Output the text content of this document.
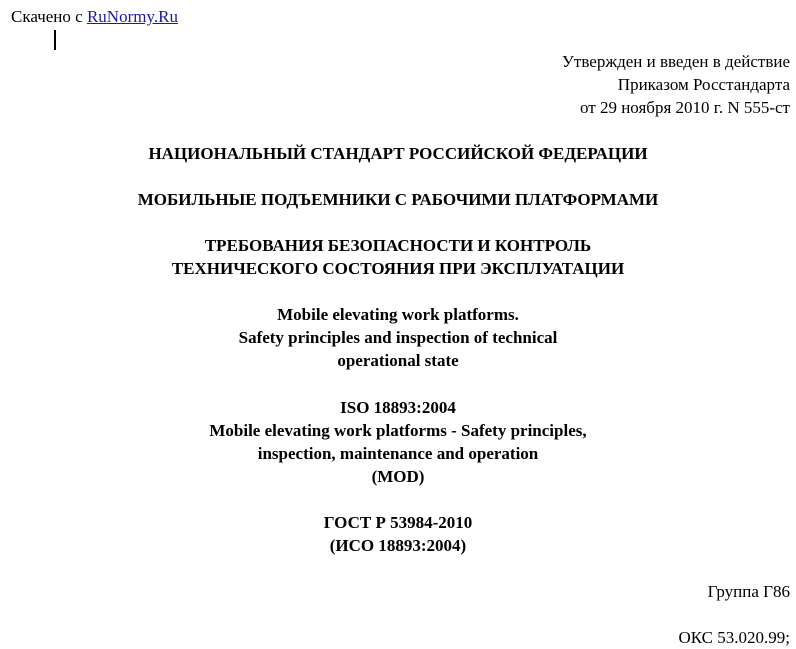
Скачено с RuNormy.Ru
Утвержден и введен в действие
Приказом Росстандарта
от 29 ноября 2010 г. N 555-ст
НАЦИОНАЛЬНЫЙ СТАНДАРТ РОССИЙСКОЙ ФЕДЕРАЦИИ
МОБИЛЬНЫЕ ПОДЪЕМНИКИ С РАБОЧИМИ ПЛАТФОРМАМИ
ТРЕБОВАНИЯ БЕЗОПАСНОСТИ И КОНТРОЛЬ
ТЕХНИЧЕСКОГО СОСТОЯНИЯ ПРИ ЭКСПЛУАТАЦИИ
Mobile elevating work platforms.
Safety principles and inspection of technical
operational state
ISO 18893:2004
Mobile elevating work platforms - Safety principles,
inspection, maintenance and operation
(MOD)
ГОСТ Р 53984-2010
(ИСО 18893:2004)
Группа Г86
ОКС 53.020.99;
